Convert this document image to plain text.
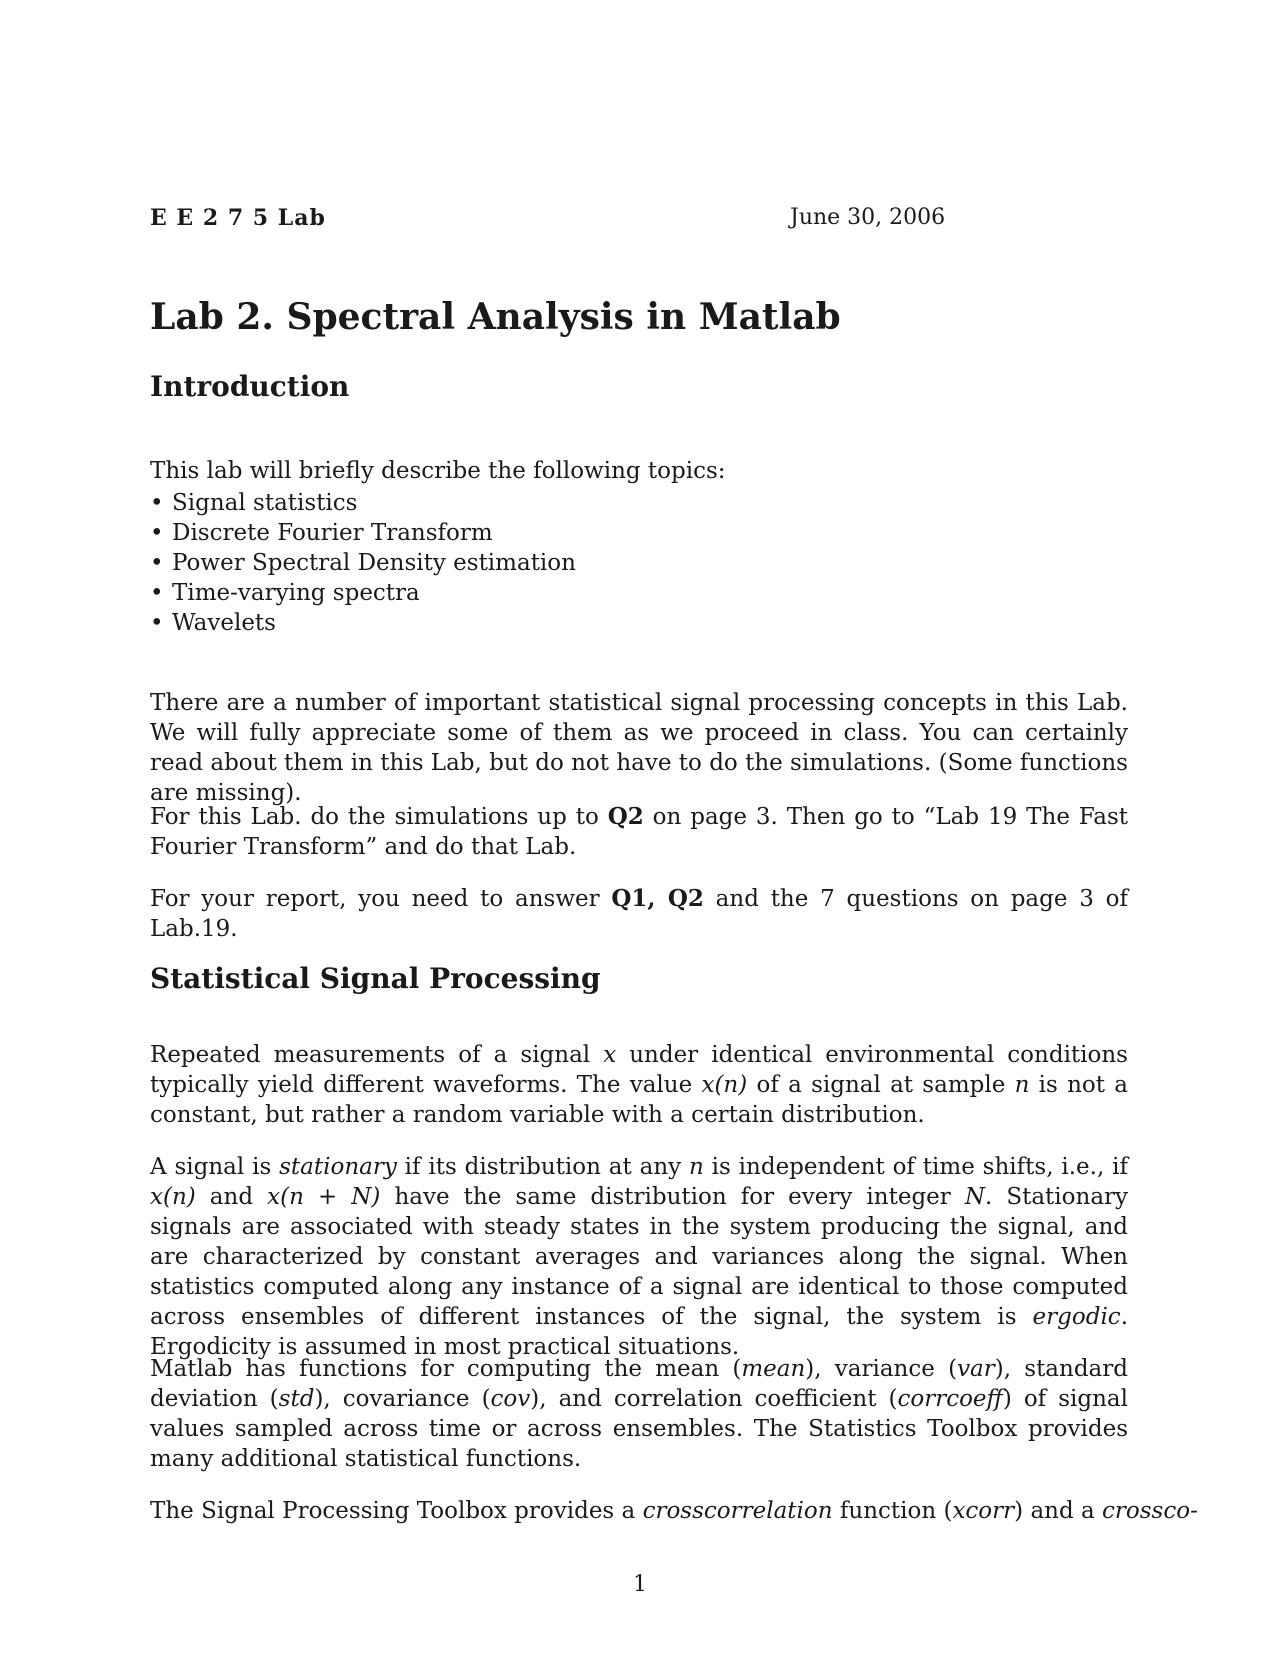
E E 2 7 5 Lab	June 30, 2006
Lab 2. Spectral Analysis in Matlab
Introduction

This lab will briefly describe the following topics:

• Signal statistics
• Discrete Fourier Transform
• Power Spectral Density estimation
• Time-varying spectra
• Wavelets

There are a number of important statistical signal processing concepts in this Lab. We will fully appreciate some of them as we proceed in class. You can certainly read about them in this Lab, but do not have to do the simulations. (Some functions are missing).

For this Lab. do the simulations up to Q2 on page 3. Then go to “Lab 19 The Fast Fourier Transform” and do that Lab.

For your report, you need to answer Q1, Q2 and the 7 questions on page 3 of Lab.19.

Statistical Signal Processing

Repeated measurements of a signal x under identical environmental conditions typically yield different waveforms. The value x(n) of a signal at sample n is not a constant, but rather a random variable with a certain distribution.

A signal is stationary if its distribution at any n is independent of time shifts, i.e., if x(n) and x(n + N) have the same distribution for every integer N. Stationary signals are associated with steady states in the system producing the signal, and are characterized by constant averages and variances along the signal. When statistics computed along any instance of a signal are identical to those computed across ensembles of different instances of the signal, the system is ergodic. Ergodicity is assumed in most practical situations.

Matlab has functions for computing the mean (mean), variance (var), standard deviation (std), covariance (cov), and correlation coefficient (corrcoeff) of signal values sampled across time or across ensembles. The Statistics Toolbox provides many additional statistical functions.

The Signal Processing Toolbox provides a crosscorrelation function (xcorr) and a crossco-

1
